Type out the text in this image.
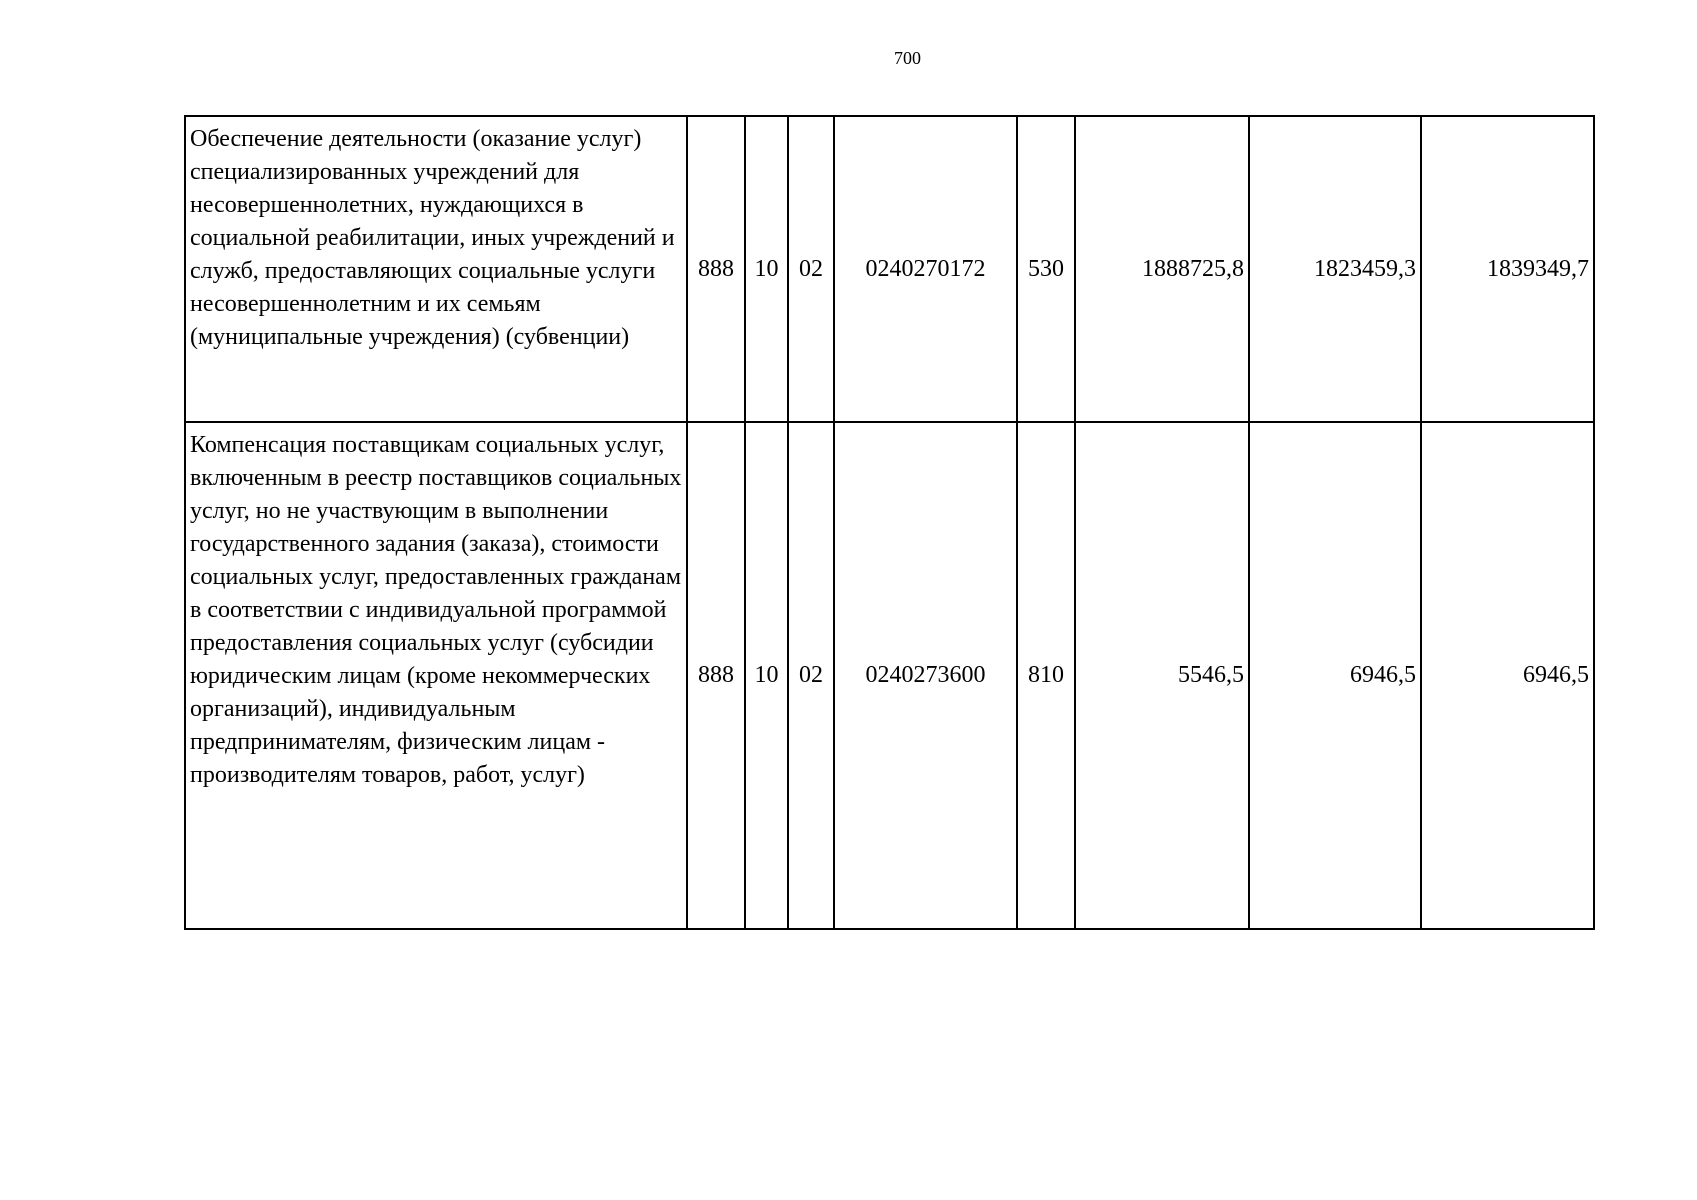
700
Обеспечение деятельности (оказание услуг) специализированных учреждений для несовершеннолетних, нуждающихся в социальной реабилитации, иных учреждений и служб, предоставляющих социальные услуги несовершеннолетним и их семьям (муниципальные учреждения) (субвенции)	888	10	02	0240270172	530	1888725,8	1823459,3	1839349,7
Компенсация поставщикам социальных услуг, включенным в реестр поставщиков социальных услуг, но не участвующим в выполнении государственного задания (заказа), стоимости социальных услуг, предоставленных гражданам в соответствии с индивидуальной программой предоставления социальных услуг (субсидии юридическим лицам (кроме некоммерческих организаций), индивидуальным предпринимателям, физическим лицам - производителям товаров, работ, услуг)	888	10	02	0240273600	810	5546,5	6946,5	6946,5
